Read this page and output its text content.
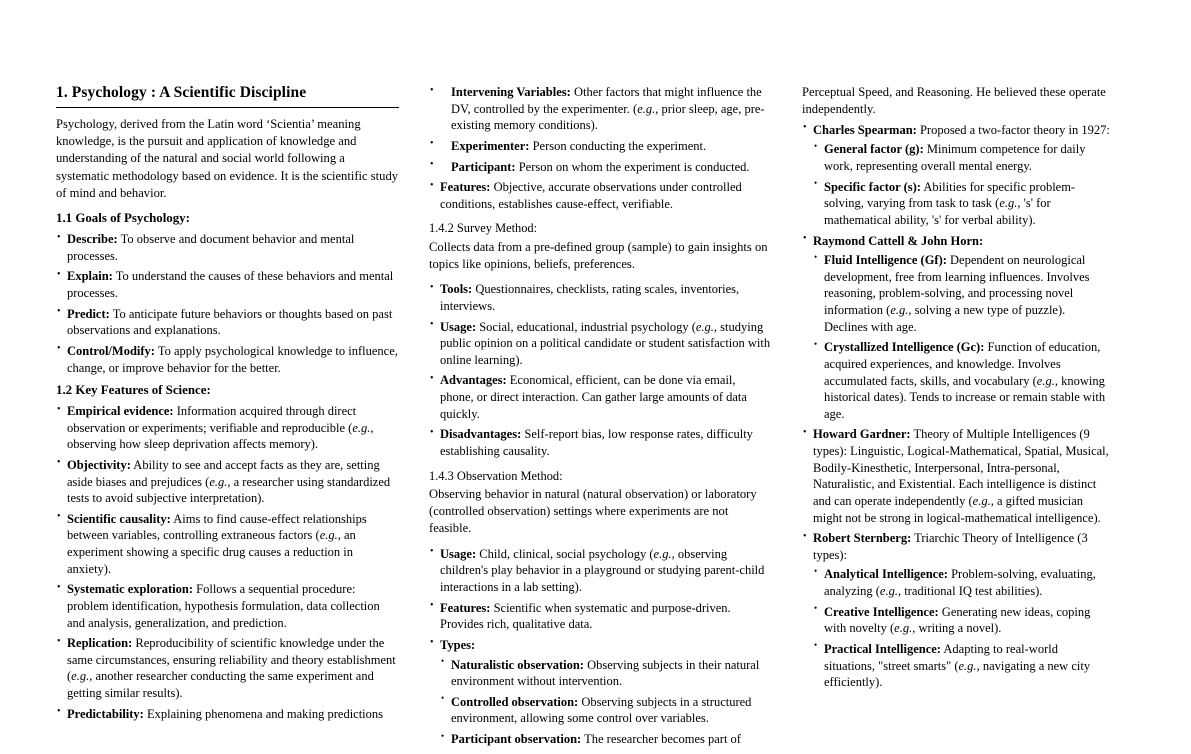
1. Psychology : A Scientific Discipline

Psychology, derived from the Latin word ‘Scientia’ meaning knowledge, is the pursuit and application of knowledge and understanding of the natural and social world following a systematic methodology based on evidence. It is the scientific study of mind and behavior.

1.1 Goals of Psychology:
• Describe: To observe and document behavior and mental processes.
• Explain: To understand the causes of these behaviors and mental processes.
• Predict: To anticipate future behaviors or thoughts based on past observations and explanations.
• Control/Modify: To apply psychological knowledge to influence, change, or improve behavior for the better.
1.2 Key Features of Science:
• Empirical evidence: Information acquired through direct observation or experiments; verifiable and reproducible (e.g., observing how sleep deprivation affects memory).
• Objectivity: Ability to see and accept facts as they are, setting aside biases and prejudices (e.g., a researcher using standardized tests to avoid subjective interpretation).
• Scientific causality: Aims to find cause-effect relationships between variables, controlling extraneous factors (e.g., an experiment showing a specific drug causes a reduction in anxiety).
• Systematic exploration: Follows a sequential procedure: problem identification, hypothesis formulation, data collection and analysis, generalization, and prediction.
• Replication: Reproducibility of scientific knowledge under the same circumstances, ensuring reliability and theory establishment (e.g., another researcher conducting the same experiment and getting similar results).
• Predictability: Explaining phenomena and making predictions
• Intervening Variables: Other factors that might influence the DV, controlled by the experimenter. (e.g., prior sleep, age, pre-existing memory conditions).
• Experimenter: Person conducting the experiment.
• Participant: Person on whom the experiment is conducted.
• Features: Objective, accurate observations under controlled conditions, establishes cause-effect, verifiable.
1.4.2 Survey Method:

Collects data from a pre-defined group (sample) to gain insights on topics like opinions, beliefs, preferences.

• Tools: Questionnaires, checklists, rating scales, inventories, interviews.
• Usage: Social, educational, industrial psychology (e.g., studying public opinion on a political candidate or student satisfaction with online learning).
• Advantages: Economical, efficient, can be done via email, phone, or direct interaction. Can gather large amounts of data quickly.
• Disadvantages: Self-report bias, low response rates, difficulty establishing causality.
1.4.3 Observation Method:

Observing behavior in natural (natural observation) or laboratory (controlled observation) settings where experiments are not feasible.

• Usage: Child, clinical, social psychology (e.g., observing children's play behavior in a playground or studying parent-child interactions in a lab setting).
• Features: Scientific when systematic and purpose-driven. Provides rich, qualitative data.
• Types:
• Naturalistic observation: Observing subjects in their natural environment without intervention.
• Controlled observation: Observing subjects in a structured environment, allowing some control over variables.
• Participant observation: The researcher becomes part of

Perceptual Speed, and Reasoning. He believed these operate independently.

• Charles Spearman: Proposed a two-factor theory in 1927:
• General factor (g): Minimum competence for daily work, representing overall mental energy.
• Specific factor (s): Abilities for specific problem-solving, varying from task to task (e.g., 's' for mathematical ability, 's' for verbal ability).
• Raymond Cattell & John Horn:
• Fluid Intelligence (Gf): Dependent on neurological development, free from learning influences. Involves reasoning, problem-solving, and processing novel information (e.g., solving a new type of puzzle). Declines with age.
• Crystallized Intelligence (Gc): Function of education, acquired experiences, and knowledge. Involves accumulated facts, skills, and vocabulary (e.g., knowing historical dates). Tends to increase or remain stable with age.
• Howard Gardner: Theory of Multiple Intelligences (9 types): Linguistic, Logical-Mathematical, Spatial, Musical, Bodily-Kinesthetic, Interpersonal, Intra-personal, Naturalistic, and Existential. Each intelligence is distinct and can operate independently (e.g., a gifted musician might not be strong in logical-mathematical intelligence).
• Robert Sternberg: Triarchic Theory of Intelligence (3 types):
• Analytical Intelligence: Problem-solving, evaluating, analyzing (e.g., traditional IQ test abilities).
• Creative Intelligence: Generating new ideas, coping with novelty (e.g., writing a novel).
• Practical Intelligence: Adapting to real-world situations, "street smarts" (e.g., navigating a new city efficiently).
